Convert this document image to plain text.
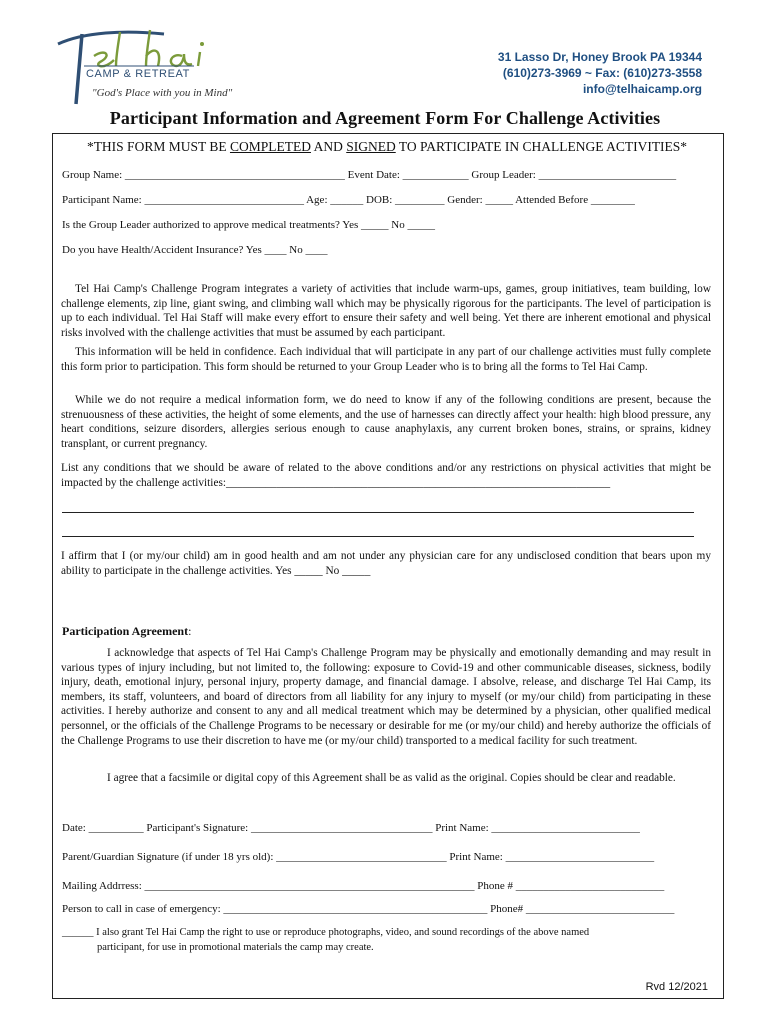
CAMP & RETREAT
"God's Place with you in Mind"
31 Lasso Dr, Honey Brook PA 19344
(610)273-3969 ~ Fax: (610)273-3558
info@telhaicamp.org
Participant Information and Agreement Form For Challenge Activities
*THIS FORM MUST BE COMPLETED AND SIGNED TO PARTICIPATE IN CHALLENGE ACTIVITIES*
Group Name: ________________________________________ Event Date: ____________ Group Leader: _________________________
Participant Name: _____________________________ Age: ______ DOB: _________ Gender: _____ Attended Before ________
Is the Group Leader authorized to approve medical treatments? Yes _____ No _____
Do you have Health/Accident Insurance? Yes ____ No ____
Tel Hai Camp's Challenge Program integrates a variety of activities that include warm-ups, games, group initiatives, team building, low challenge elements, zip line, giant swing, and climbing wall which may be physically rigorous for the participants. The level of participation is up to each individual. Tel Hai Staff will make every effort to ensure their safety and well being. Yet there are inherent emotional and physical risks involved with the challenge activities that must be assumed by each participant.
This information will be held in confidence. Each individual that will participate in any part of our challenge activities must fully complete this form prior to participation. This form should be returned to your Group Leader who is to bring all the forms to Tel Hai Camp.
While we do not require a medical information form, we do need to know if any of the following conditions are present, because the strenuousness of these activities, the height of some elements, and the use of harnesses can directly affect your health: high blood pressure, any heart conditions, seizure disorders, allergies serious enough to cause anaphylaxis, any current broken bones, strains, or sprains, kidney transplant, or current pregnancy.
List any conditions that we should be aware of related to the above conditions and/or any restrictions on physical activities that might be impacted by the challenge activities:____________________________________________________________________
I affirm that I (or my/our child) am in good health and am not under any physician care for any undisclosed condition that bears upon my ability to participate in the challenge activities. Yes _____ No _____
Participation Agreement:
I acknowledge that aspects of Tel Hai Camp's Challenge Program may be physically and emotionally demanding and may result in various types of injury including, but not limited to, the following: exposure to Covid-19 and other communicable diseases, sickness, bodily injury, death, emotional injury, personal injury, property damage, and financial damage. I absolve, release, and discharge Tel Hai Camp, its members, its staff, volunteers, and board of directors from all liability for any injury to myself (or my/our child) from participating in these activities. I hereby authorize and consent to any and all medical treatment which may be determined by a physician, other qualified medical personnel, or the officials of the Challenge Programs to be necessary or desirable for me (or my/our child) and hereby authorize the officials of the Challenge Programs to use their discretion to have me (or my/our child) transported to a medical facility for such treatment.
I agree that a facsimile or digital copy of this Agreement shall be as valid as the original. Copies should be clear and readable.
Date: __________ Participant's Signature: _________________________________ Print Name: ___________________________
Parent/Guardian Signature (if under 18 yrs old): _______________________________ Print Name: ___________________________
Mailing Addrress: ____________________________________________________________ Phone # ___________________________
Person to call in case of emergency: ________________________________________________ Phone# ___________________________
______ I also grant Tel Hai Camp the right to use or reproduce photographs, video, and sound recordings of the above named
participant, for use in promotional materials the camp may create.
Rvd 12/2021
